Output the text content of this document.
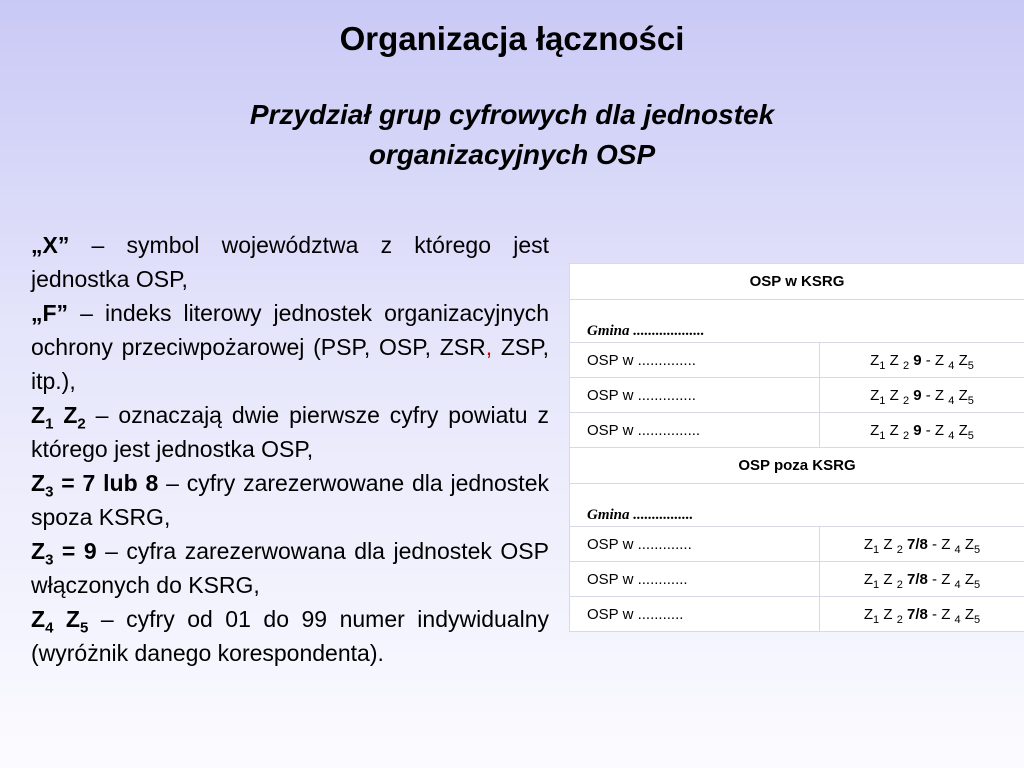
Organizacja łączności
Przydział grup cyfrowych dla jednostek
organizacyjnych OSP

„X” – symbol województwa z którego jest jednostka OSP,

„F” – indeks literowy jednostek organizacyjnych ochrony przeciwpożarowej (PSP, OSP, ZSR, ZSP, itp.),

$Z_1$ $Z_2$ – oznaczają dwie pierwsze cyfry powiatu z którego jest jednostka OSP,

$Z_3 = 7$ lub 8 – cyfry zarezerwowane dla jednostek spoza KSRG,

$Z_3 = 9$ – cyfra zarezerwowana dla jednostek OSP włączonych do KSRG,

$Z_4$ $Z_5$ – cyfry od 01 do 99 numer indywidualny (wyróżnik danego korespondenta).

OSP w KSRG	
Gmina ...................	
OSP w ..............	$Z_1$ Z $_2$ 9 - Z $_4$ $Z_5$
OSP w ..............	$Z_1$ Z $_2$ 9 - Z $_4$ $Z_5$
OSP w ...............	$Z_1$ Z $_2$ 9 - Z $_4$ $Z_5$
OSP poza KSRG	
Gmina ................	
OSP w .............	$Z_1$ Z $_2$ 7/8 - Z $_4$ $Z_5$
OSP w ............	$Z_1$ Z $_2$ 7/8 - Z $_4$ $Z_5$
OSP w ...........	$Z_1$ Z $_2$ 7/8 - Z $_4$ $Z_5$
